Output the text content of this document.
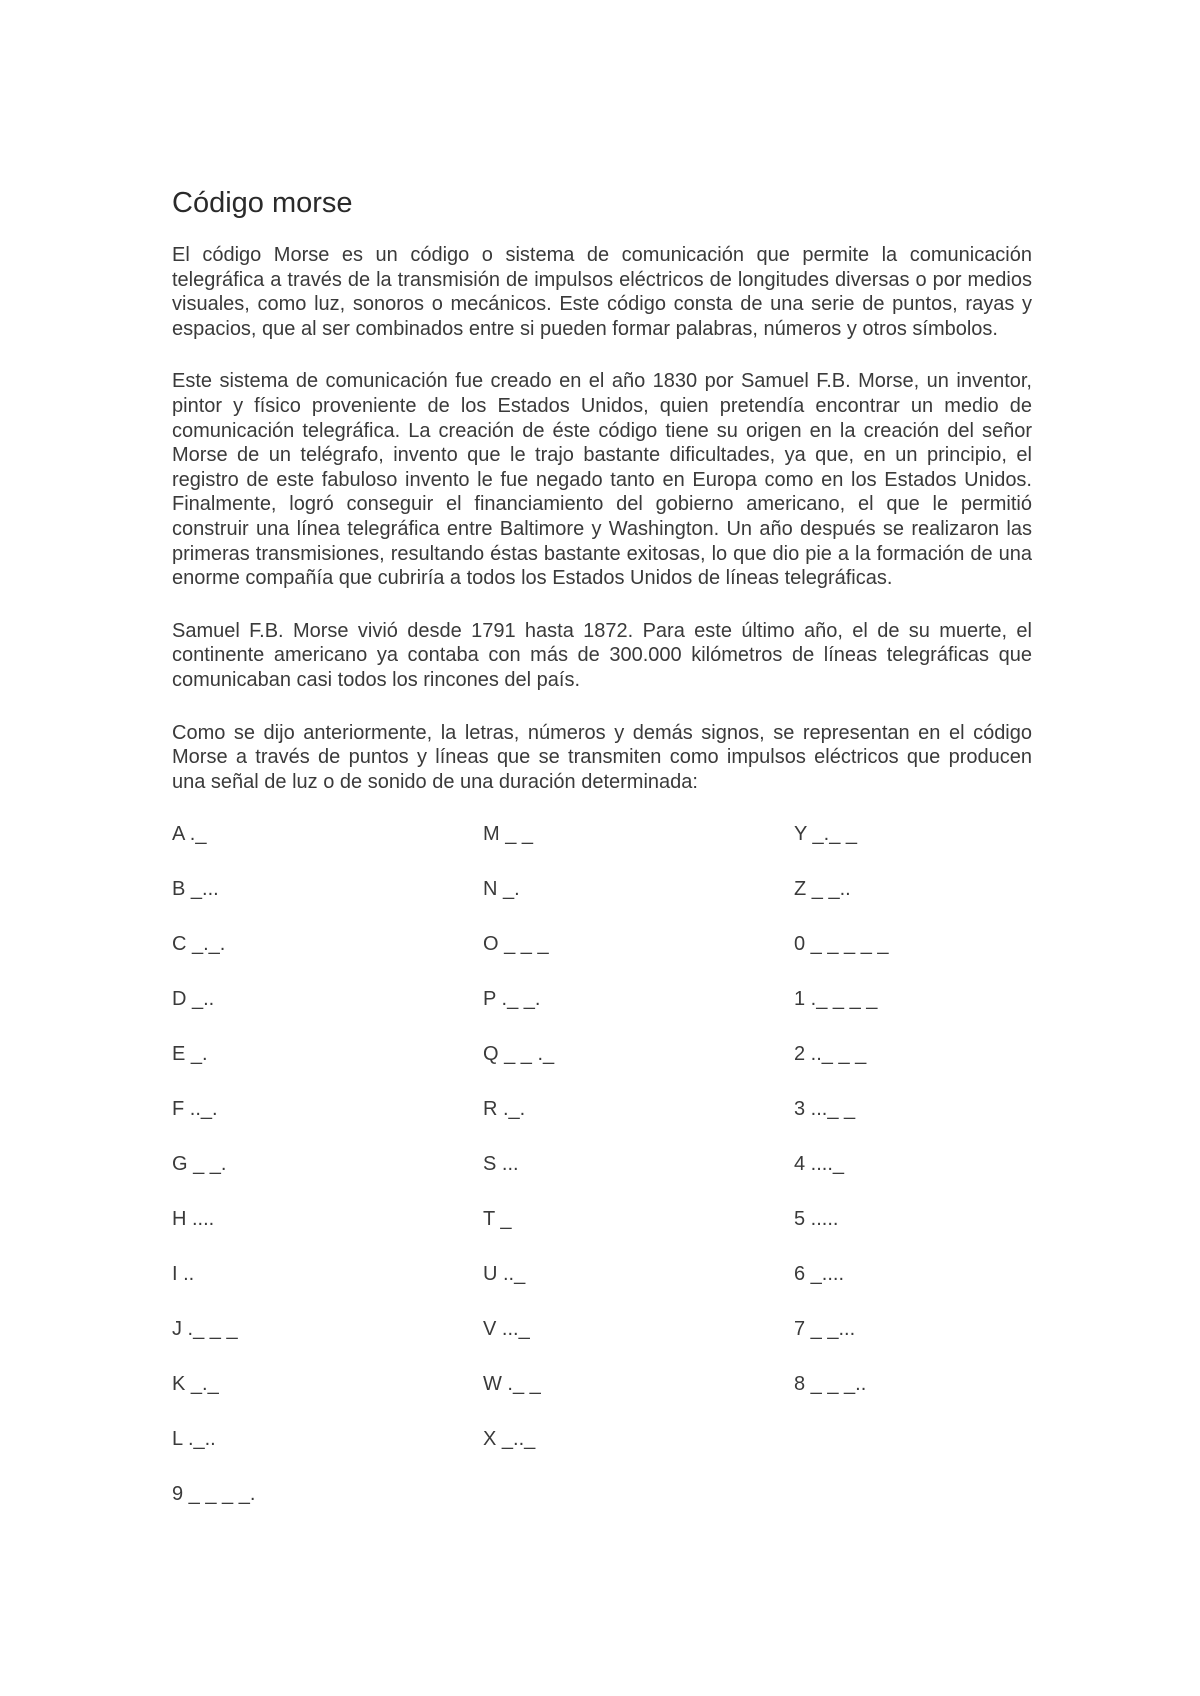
Código morse

El código Morse es un código o sistema de comunicación que permite la comunicación telegráfica a través de la transmisión de impulsos eléctricos de longitudes diversas o por medios visuales, como luz, sonoros o mecánicos. Este código consta de una serie de puntos, rayas y espacios, que al ser combinados entre si pueden formar palabras, números y otros símbolos.

Este sistema de comunicación fue creado en el año 1830 por Samuel F.B. Morse, un inventor, pintor y físico proveniente de los Estados Unidos, quien pretendía encontrar un medio de comunicación telegráfica. La creación de éste código tiene su origen en la creación del señor Morse de un telégrafo, invento que le trajo bastante dificultades, ya que, en un principio, el registro de este fabuloso invento le fue negado tanto en Europa como en los Estados Unidos. Finalmente, logró conseguir el financiamiento del gobierno americano, el que le permitió construir una línea telegráfica entre Baltimore y Washington. Un año después se realizaron las primeras transmisiones, resultando éstas bastante exitosas, lo que dio pie a la formación de una enorme compañía que cubriría a todos los Estados Unidos de líneas telegráficas.

Samuel F.B. Morse vivió desde 1791 hasta 1872. Para este último año, el de su muerte, el continente americano ya contaba con más de 300.000 kilómetros de líneas telegráficas que comunicaban casi todos los rincones del país.

Como se dijo anteriormente, la letras, números y demás signos, se representan en el código Morse a través de puntos y líneas que se transmiten como impulsos eléctricos que producen una señal de luz o de sonido de una duración determinada:

A ._	M _ _	Y _._ _
B _...	N _.	Z _ _..
C _._.	O _ _ _	0 _ _ _ _ _
D _..	P ._ _.	1 ._ _ _ _
E _.	Q _ _ ._	2 .._ _ _
F .._.	R ._.	3 ..._ _
G _ _.	S ...	4 ...._
H ....	T _	5 .....
I ..	U .._	6 _....
J ._ _ _	V ..._	7 _ _...
K _._	W ._ _	8 _ _ _..
L ._..	X _.._
9 _ _ _ _.
